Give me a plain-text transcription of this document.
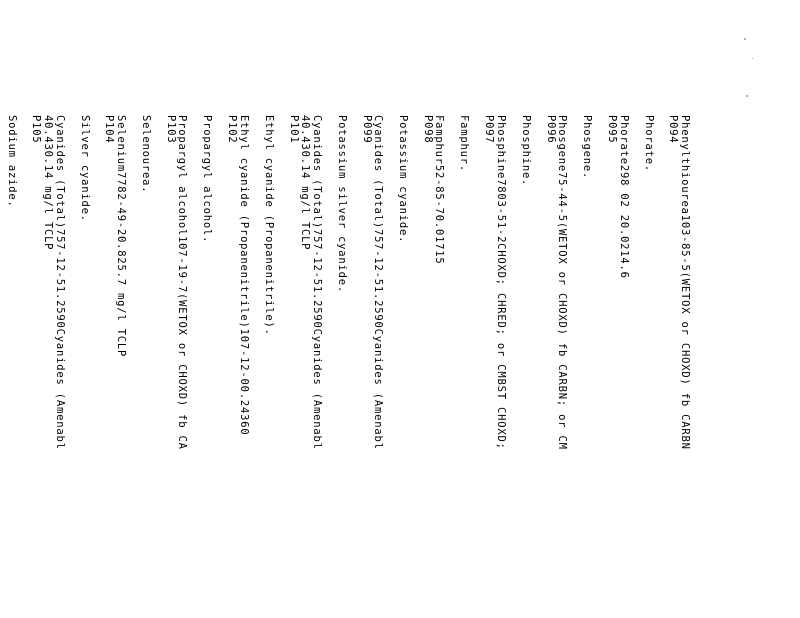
Phenylthiourea103-85-5(WETOX or CHOXD) fb CARBN
P094
Phorate.
Phorate298 02 20.0214.6
P095
Phosgene.
Phosgene75-44-5(WETOX or CHOXD) fb CARBN; or CM
P096
Phosphine.
Phosphine7803-51-2CHOXD; CHRED; or CMBST CHOXD;
P097
Famphur.
Famphur52-85-70.01715
P098
Potassium cyanide.
Cyanides (Total)757-12-51.2590Cyanides (Amenabl
P099
Potassium silver cyanide.
Cyanides (Total)757-12-51.2590Cyanides (Amenabl
40.430.14 mg/l TCLP
P101
Ethyl cyanide (Propanenitrile).
Ethyl cyanide (Propanenitrile)107-12-00.24360
P102
Propargyl alcohol.
Propargyl alcohol107-19-7(WETOX or CHOXD) fb CA
P103
Selenourea.
Selenium7782-49-20.825.7 mg/l TCLP
P104
Silver cyanide.
Cyanides (Total)757-12-51.2590Cyanides (Amenabl
40.430.14 mg/l TCLP
P105
Sodium azide.
